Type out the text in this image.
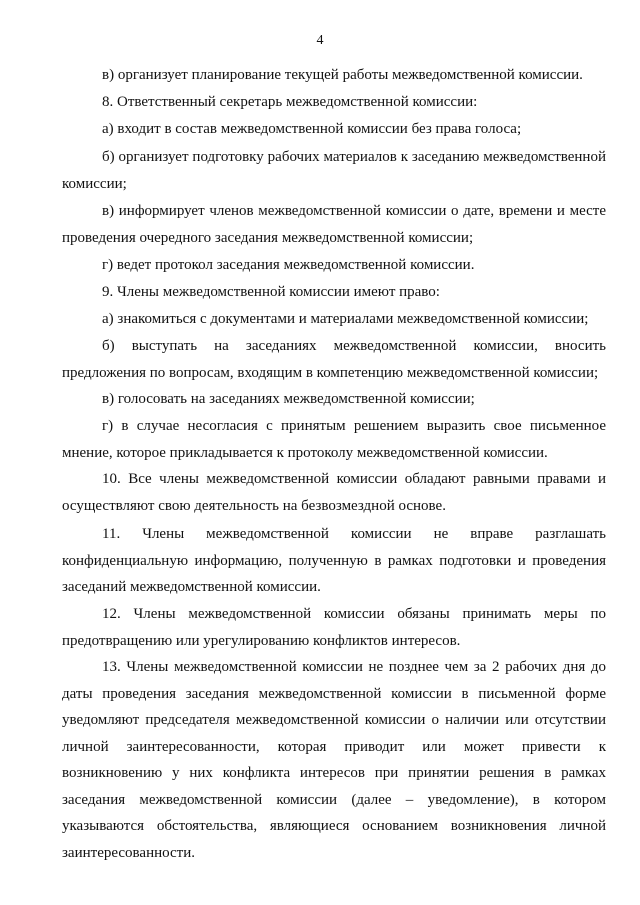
4

в) организует планирование текущей работы межведомственной комиссии.

8. Ответственный секретарь межведомственной комиссии:

а) входит в состав межведомственной комиссии без права голоса;

б) организует подготовку рабочих материалов к заседанию межведомственной комиссии;

в) информирует членов межведомственной комиссии о дате, времени и месте проведения очередного заседания межведомственной комиссии;

г) ведет протокол заседания межведомственной комиссии.

9. Члены межведомственной комиссии имеют право:

а) знакомиться с документами и материалами межведомственной комиссии;

б) выступать на заседаниях межведомственной комиссии, вносить предложения по вопросам, входящим в компетенцию межведомственной комиссии;

в) голосовать на заседаниях межведомственной комиссии;

г) в случае несогласия с принятым решением выразить свое письменное мнение, которое прикладывается к протоколу межведомственной комиссии.

10. Все члены межведомственной комиссии обладают равными правами и осуществляют свою деятельность на безвозмездной основе.

11. Члены межведомственной комиссии не вправе разглашать конфиденциальную информацию, полученную в рамках подготовки и проведения заседаний межведомственной комиссии.

12. Члены межведомственной комиссии обязаны принимать меры по предотвращению или урегулированию конфликтов интересов.

13. Члены межведомственной комиссии не позднее чем за 2 рабочих дня до даты проведения заседания межведомственной комиссии в письменной форме уведомляют председателя межведомственной комиссии о наличии или отсутствии личной заинтересованности, которая приводит или может привести к возникновению у них конфликта интересов при принятии решения в рамках заседания межведомственной комиссии (далее – уведомление), в котором указываются обстоятельства, являющиеся основанием возникновения личной заинтересованности.
